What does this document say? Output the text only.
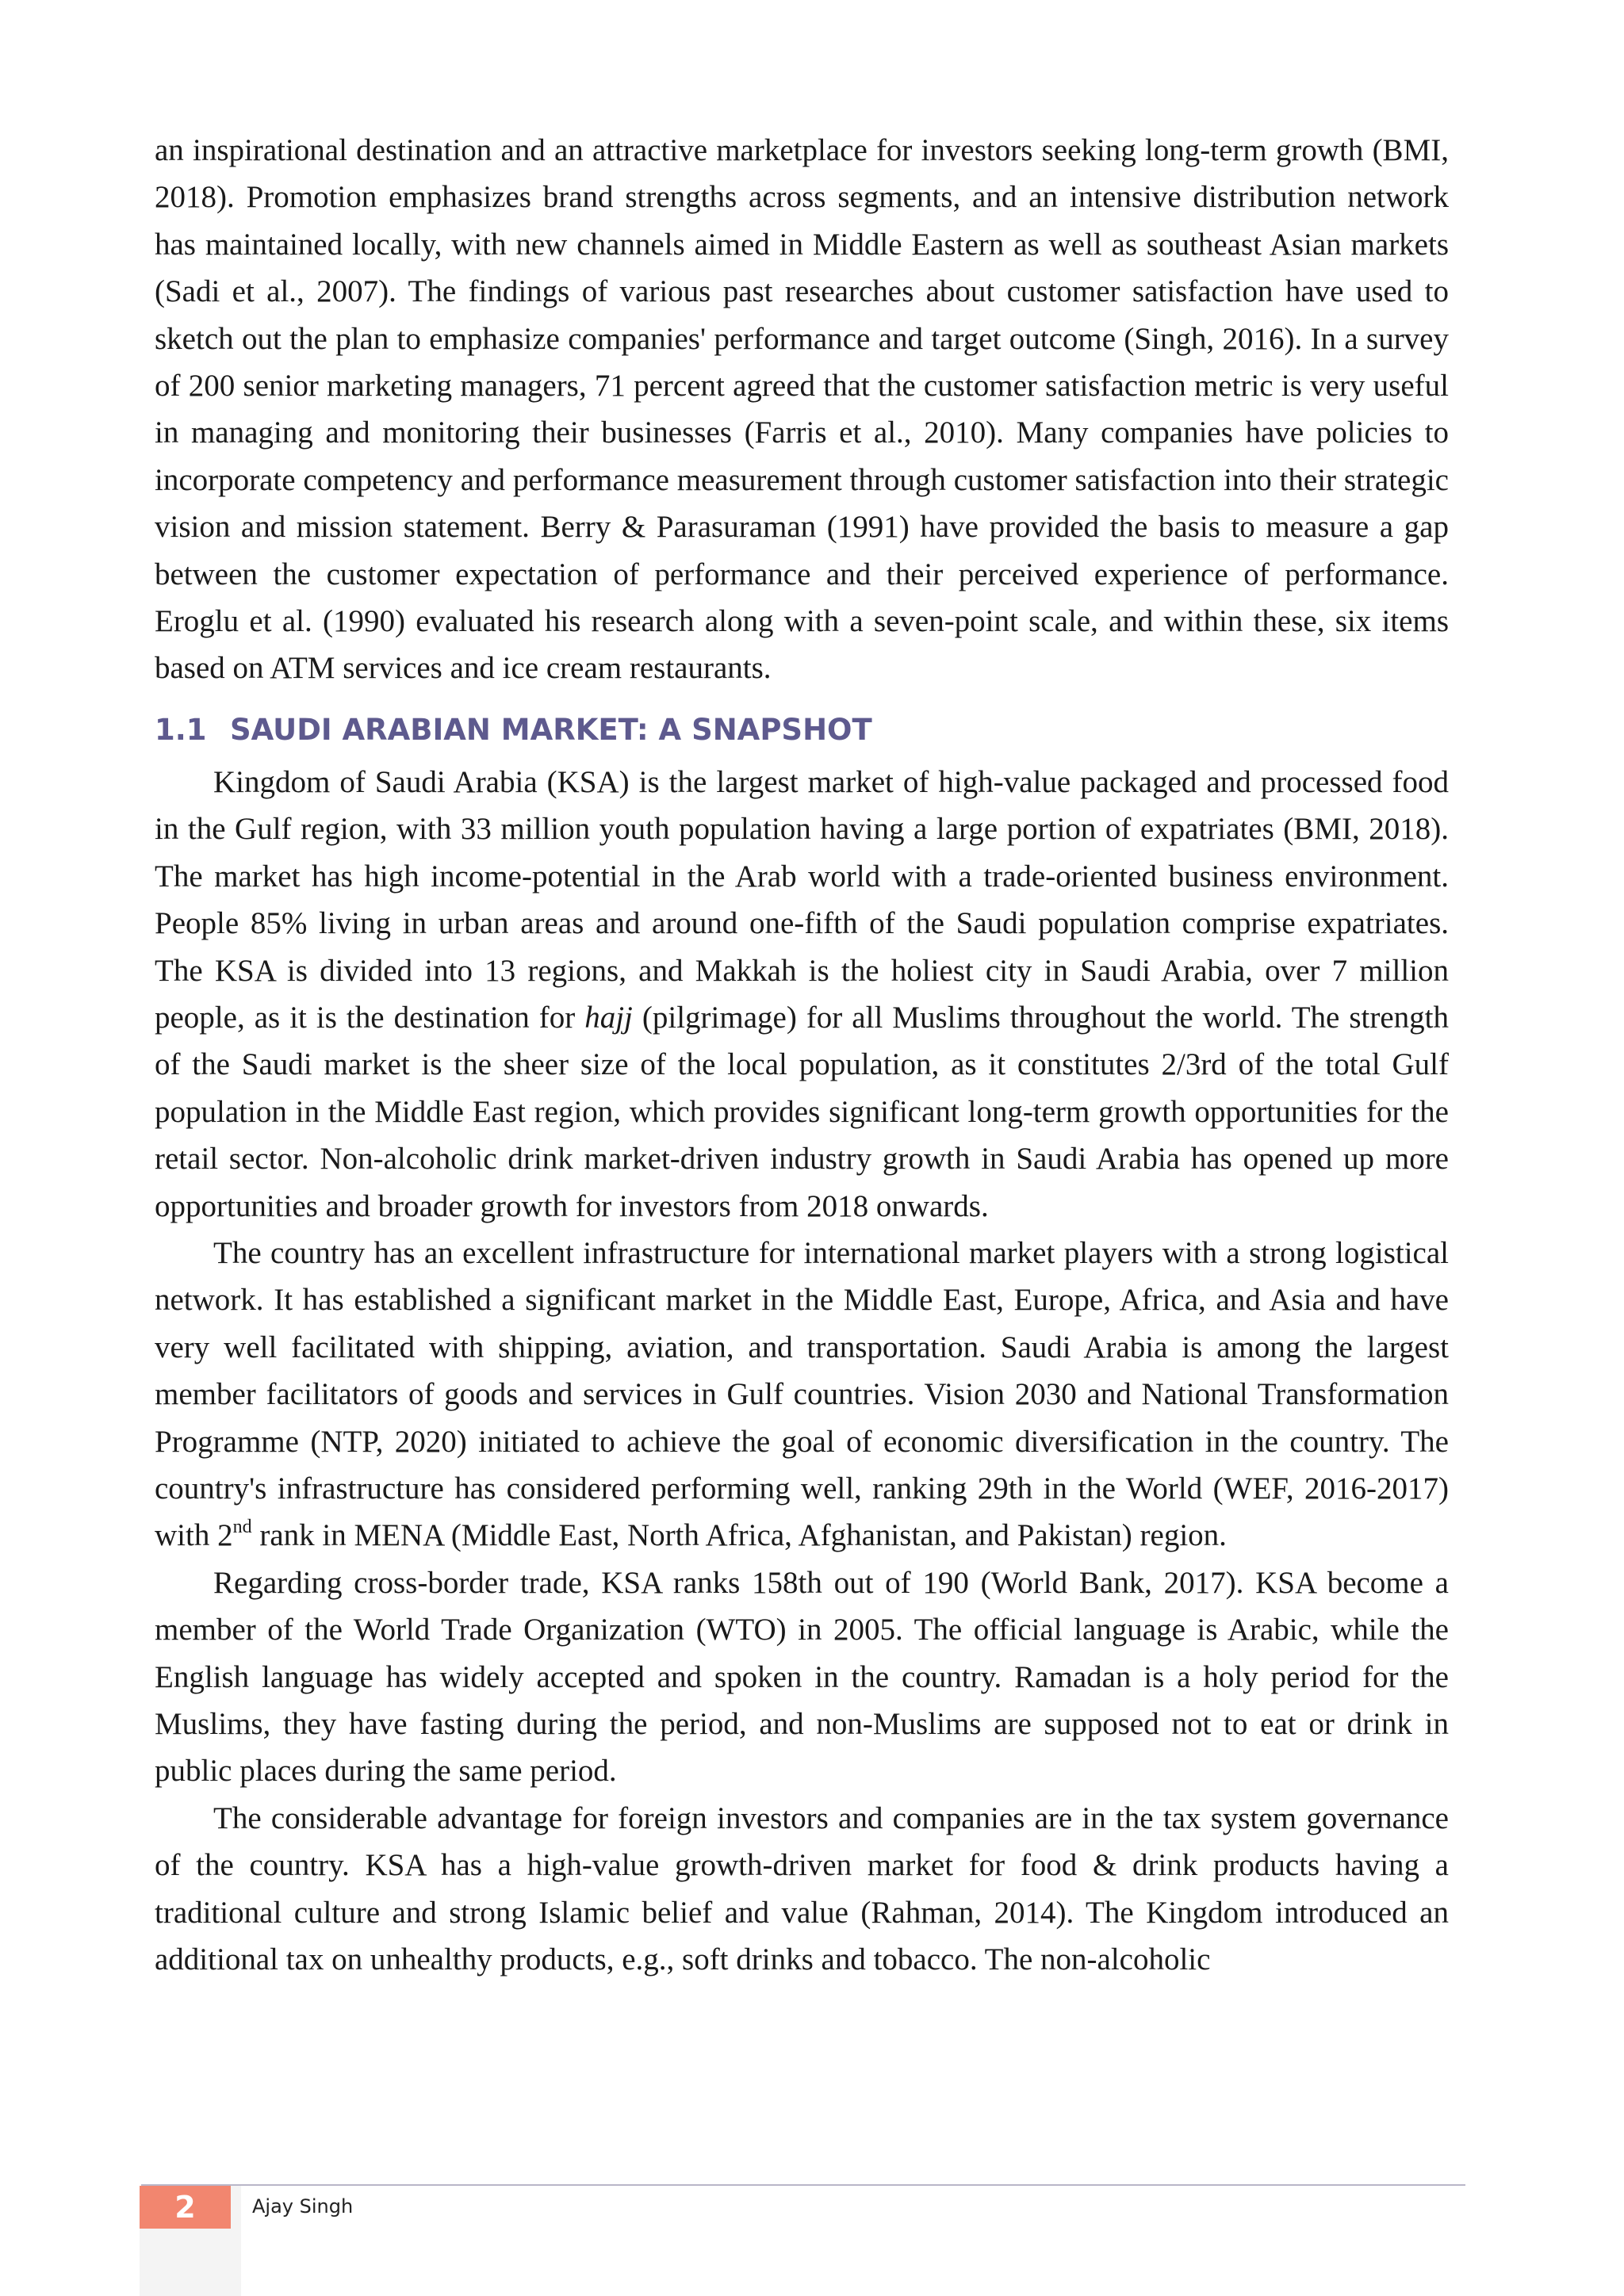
an inspirational destination and an attractive marketplace for investors seeking long-term growth (BMI, 2018). Promotion emphasizes brand strengths across segments, and an intensive distribution network has maintained locally, with new channels aimed in Middle Eastern as well as southeast Asian markets (Sadi et al., 2007). The findings of various past researches about customer satisfaction have used to sketch out the plan to emphasize companies' performance and target outcome (Singh, 2016). In a survey of 200 senior marketing managers, 71 percent agreed that the customer satisfaction metric is very useful in managing and monitoring their businesses (Farris et al., 2010). Many companies have policies to incorporate competency and performance measurement through customer satisfaction into their strategic vision and mission statement. Berry & Parasuraman (1991) have provided the basis to measure a gap between the customer expectation of performance and their perceived experience of performance. Eroglu et al. (1990) evaluated his research along with a seven-point scale, and within these, six items based on ATM services and ice cream restaurants.

1.1 SAUDI ARABIAN MARKET: A SNAPSHOT

Kingdom of Saudi Arabia (KSA) is the largest market of high-value packaged and processed food in the Gulf region, with 33 million youth population having a large portion of expatriates (BMI, 2018). The market has high income-potential in the Arab world with a trade-oriented business environment. People 85% living in urban areas and around one-fifth of the Saudi population comprise expatriates. The KSA is divided into 13 regions, and Makkah is the holiest city in Saudi Arabia, over 7 million people, as it is the destination for hajj (pilgrimage) for all Muslims throughout the world. The strength of the Saudi market is the sheer size of the local population, as it constitutes 2/3rd of the total Gulf population in the Middle East region, which provides significant long-term growth opportunities for the retail sector. Non-alcoholic drink market-driven industry growth in Saudi Arabia has opened up more opportunities and broader growth for investors from 2018 onwards.

The country has an excellent infrastructure for international market players with a strong logistical network. It has established a significant market in the Middle East, Europe, Africa, and Asia and have very well facilitated with shipping, aviation, and transportation. Saudi Arabia is among the largest member facilitators of goods and services in Gulf countries. Vision 2030 and National Transformation Programme (NTP, 2020) initiated to achieve the goal of economic diversification in the country. The country's infrastructure has considered performing well, ranking 29th in the World (WEF, 2016-2017) with 2nd rank in MENA (Middle East, North Africa, Afghanistan, and Pakistan) region.

Regarding cross-border trade, KSA ranks 158th out of 190 (World Bank, 2017). KSA become a member of the World Trade Organization (WTO) in 2005. The official language is Arabic, while the English language has widely accepted and spoken in the country. Ramadan is a holy period for the Muslims, they have fasting during the period, and non-Muslims are supposed not to eat or drink in public places during the same period.

The considerable advantage for foreign investors and companies are in the tax system governance of the country. KSA has a high-value growth-driven market for food & drink products having a traditional culture and strong Islamic belief and value (Rahman, 2014). The Kingdom introduced an additional tax on unhealthy products, e.g., soft drinks and tobacco. The non-alcoholic

2	Ajay Singh
